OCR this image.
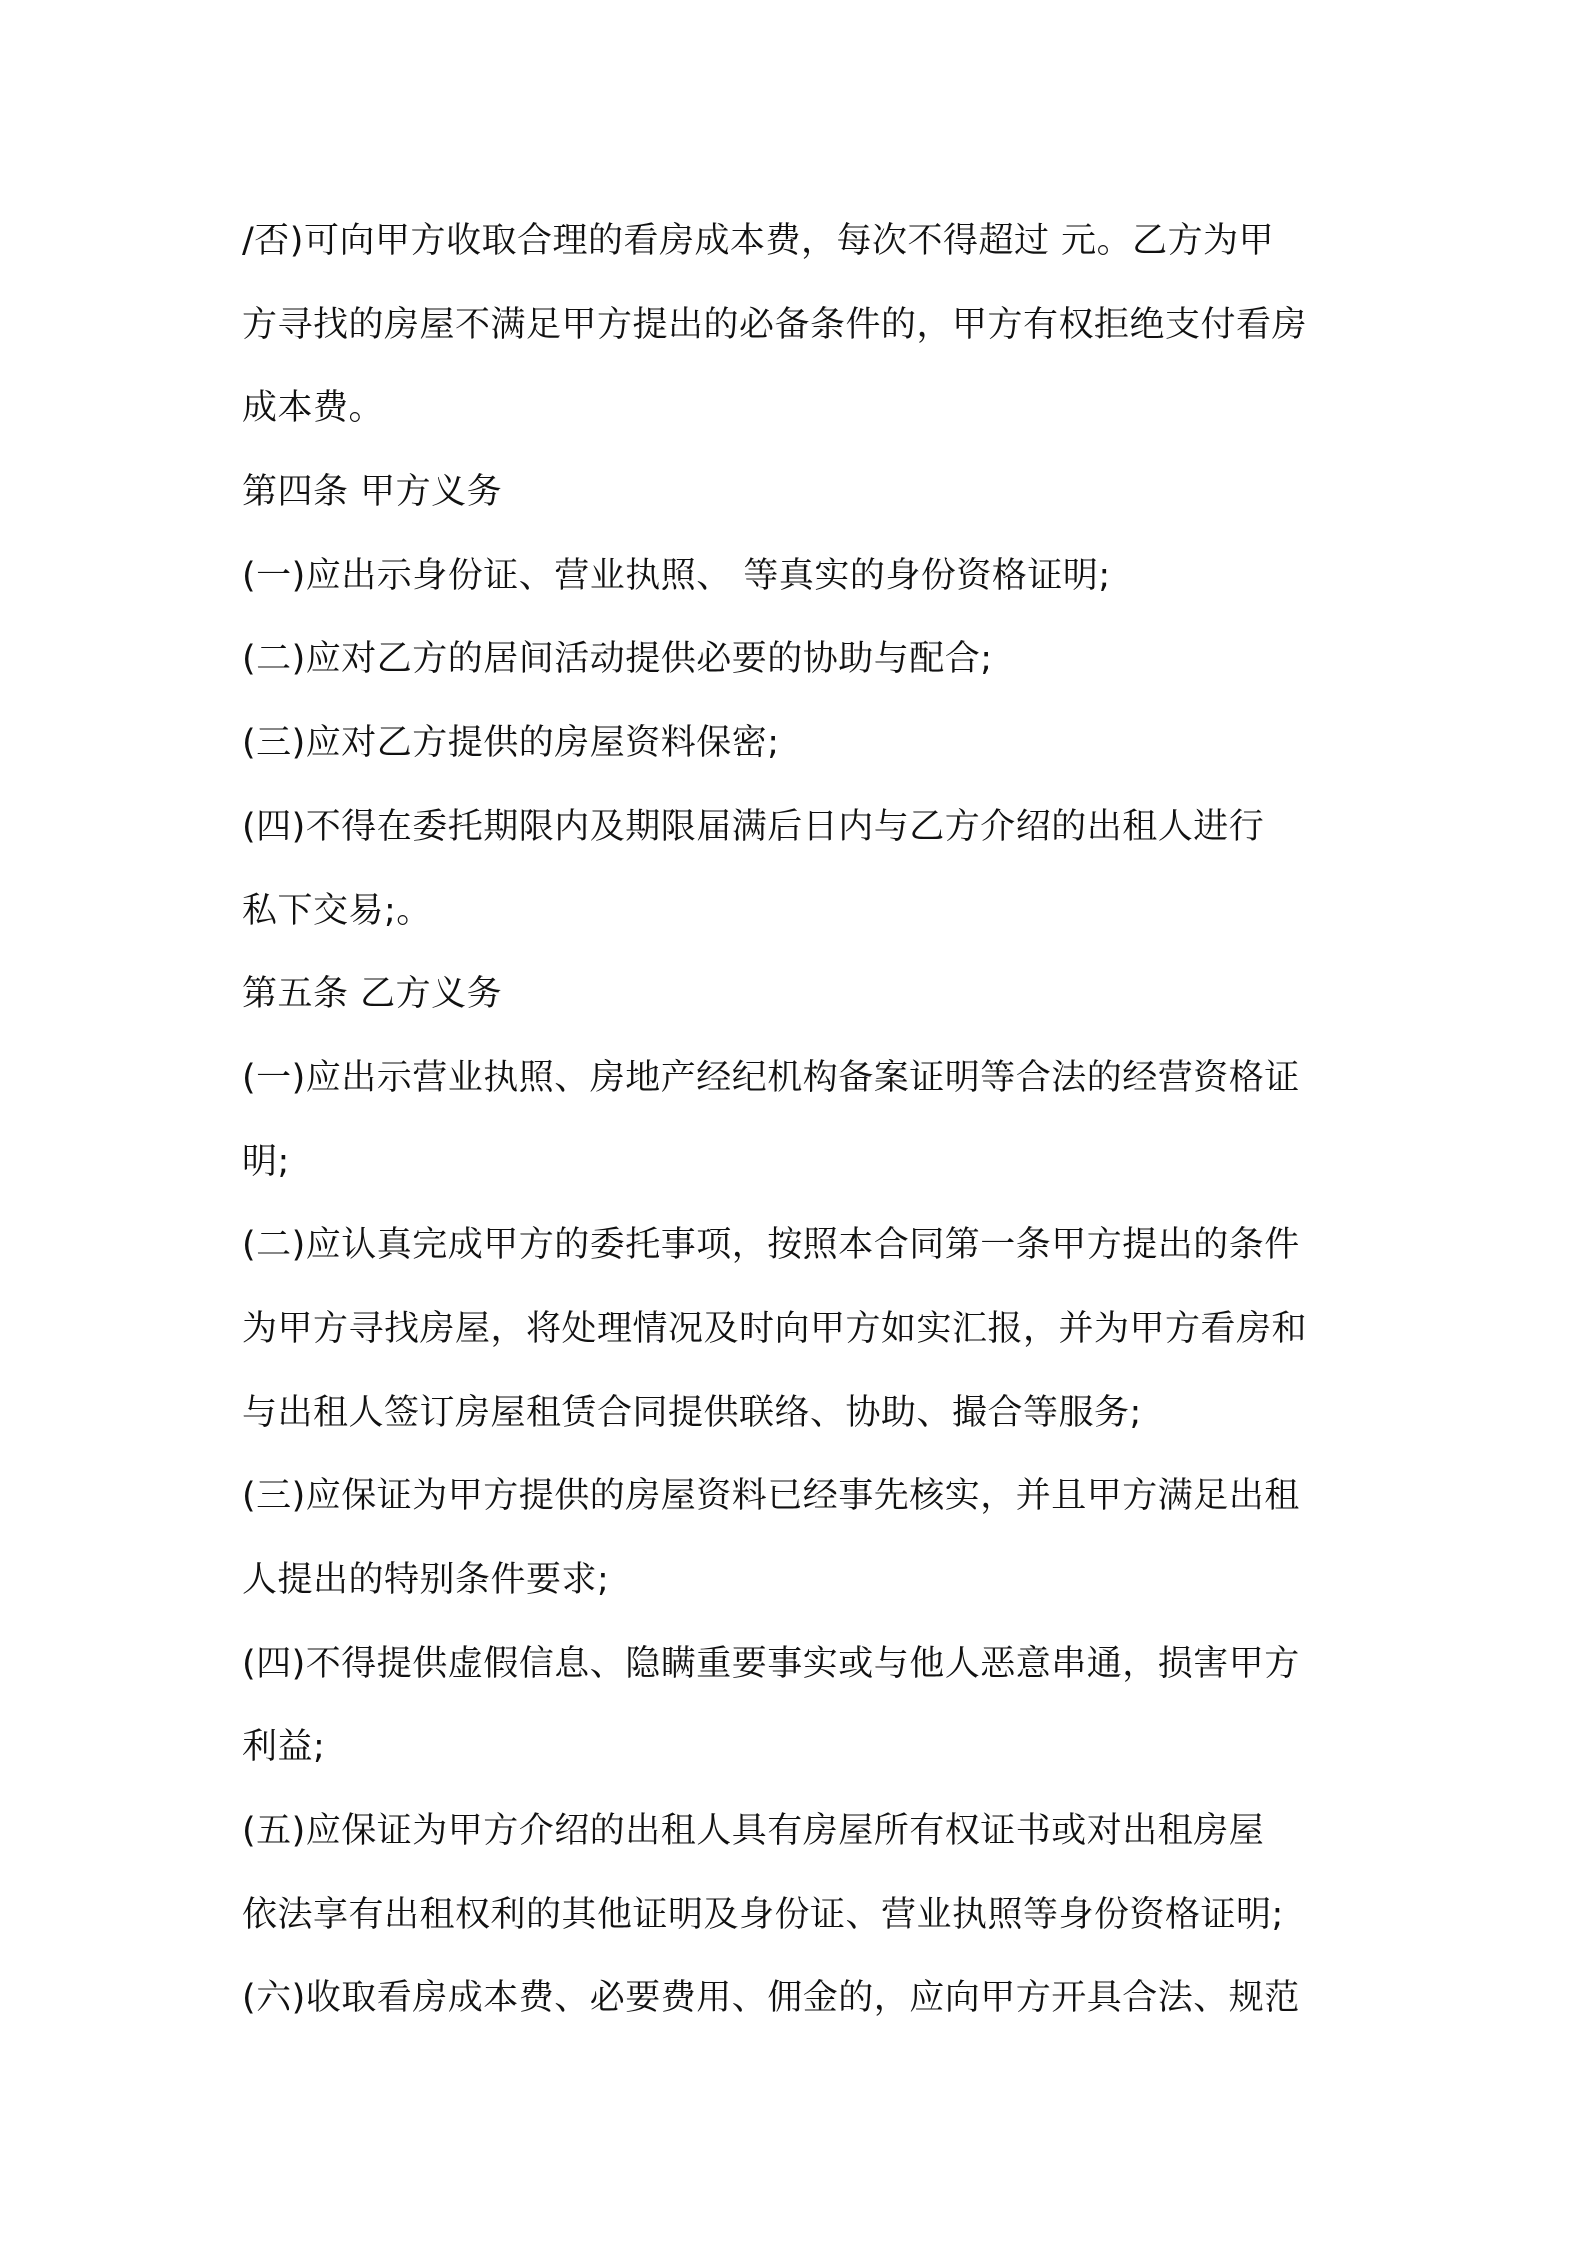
/否)可向甲方收取合理的看房成本费，每次不得超过 元。乙方为甲
方寻找的房屋不满足甲方提出的必备条件的，甲方有权拒绝支付看房
成本费。
第四条 甲方义务
(一)应出示身份证、营业执照、 等真实的身份资格证明;
(二)应对乙方的居间活动提供必要的协助与配合;
(三)应对乙方提供的房屋资料保密;
(四)不得在委托期限内及期限届满后日内与乙方介绍的出租人进行
私下交易;。
第五条 乙方义务
(一)应出示营业执照、房地产经纪机构备案证明等合法的经营资格证
明;
(二)应认真完成甲方的委托事项，按照本合同第一条甲方提出的条件
为甲方寻找房屋，将处理情况及时向甲方如实汇报，并为甲方看房和
与出租人签订房屋租赁合同提供联络、协助、撮合等服务;
(三)应保证为甲方提供的房屋资料已经事先核实，并且甲方满足出租
人提出的特别条件要求;
(四)不得提供虚假信息、隐瞒重要事实或与他人恶意串通，损害甲方
利益;
(五)应保证为甲方介绍的出租人具有房屋所有权证书或对出租房屋
依法享有出租权利的其他证明及身份证、营业执照等身份资格证明;
(六)收取看房成本费、必要费用、佣金的，应向甲方开具合法、规范
